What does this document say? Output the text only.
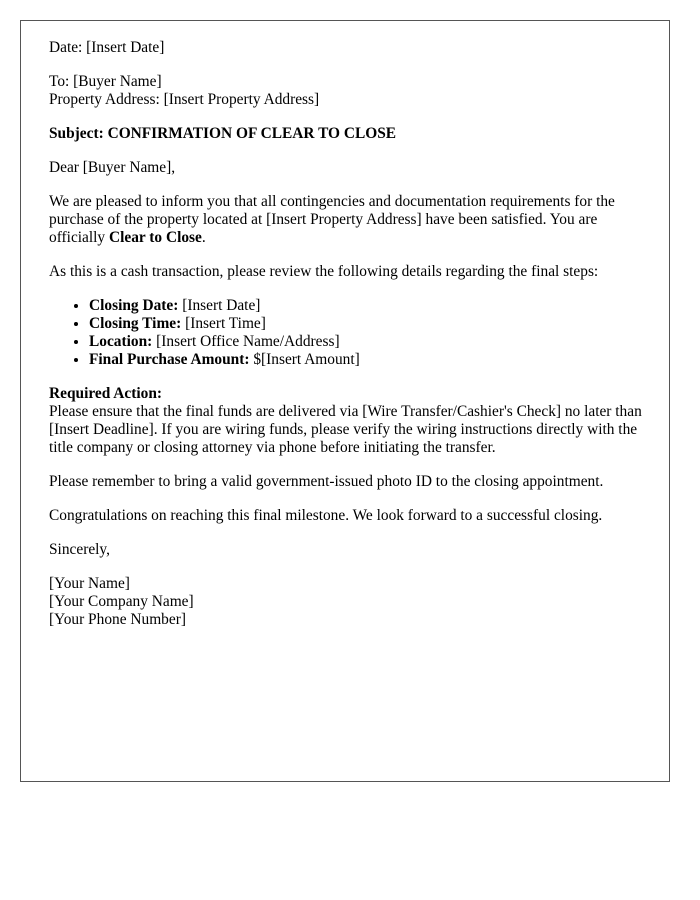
Date: [Insert Date]

To: [Buyer Name]
Property Address: [Insert Property Address]

Subject: CONFIRMATION OF CLEAR TO CLOSE

Dear [Buyer Name],

We are pleased to inform you that all contingencies and documentation requirements for the purchase of the property located at [Insert Property Address] have been satisfied. You are officially Clear to Close.

As this is a cash transaction, please review the following details regarding the final steps:

• Closing Date: [Insert Date]
• Closing Time: [Insert Time]
• Location: [Insert Office Name/Address]
• Final Purchase Amount: $[Insert Amount]

Required Action:
Please ensure that the final funds are delivered via [Wire Transfer/Cashier's Check] no later than [Insert Deadline]. If you are wiring funds, please verify the wiring instructions directly with the title company or closing attorney via phone before initiating the transfer.

Please remember to bring a valid government-issued photo ID to the closing appointment.

Congratulations on reaching this final milestone. We look forward to a successful closing.

Sincerely,

[Your Name]

[Your Company Name]

[Your Phone Number]
